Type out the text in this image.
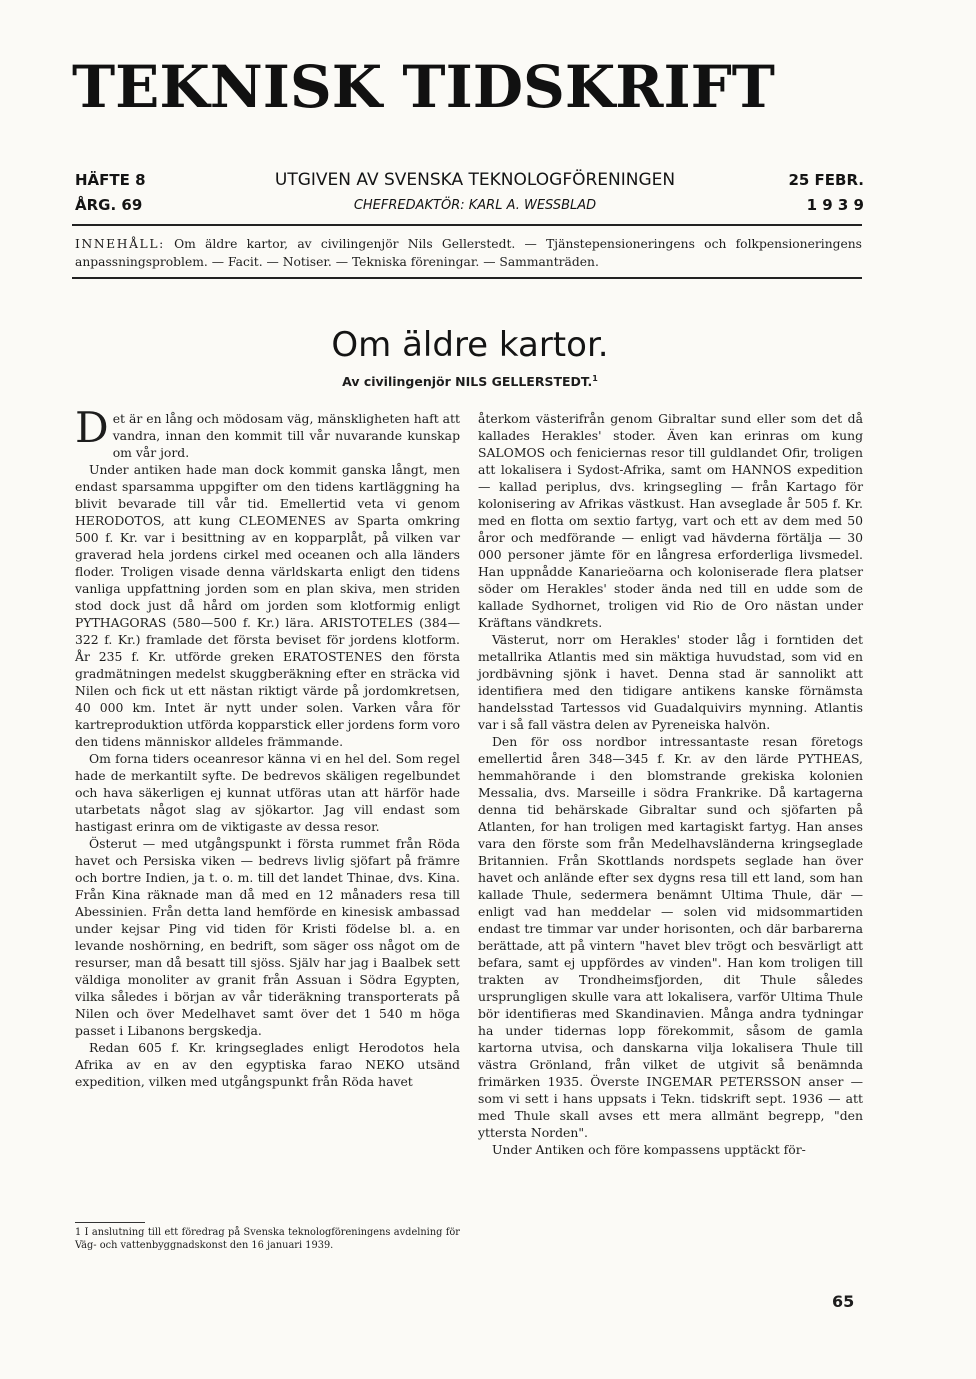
TEKNISK TIDSKRIFT
HÄFTE 8
ÅRG. 69
UTGIVEN AV SVENSKA TEKNOLOGFÖRENINGEN
CHEFREDAKTÖR: KARL A. WESSBLAD
25 FEBR.
1 9 3 9
INNEHÅLL: Om äldre kartor, av civilingenjör Nils Gellerstedt. — Tjänstepensioneringens och folkpensioneringens anpassningsproblem. — Facit. — Notiser. — Tekniska föreningar. — Sammanträden.
Om äldre kartor.
Av civilingenjör NILS GELLERSTEDT.$^1$

Det är en lång och mödosam väg, mänskligheten haft att vandra, innan den kommit till vår nuvarande kunskap om vår jord.

Under antiken hade man dock kommit ganska långt, men endast sparsamma uppgifter om den tidens kartläggning ha blivit bevarade till vår tid. Emellertid veta vi genom HERODOTOS, att kung CLEOMENES av Sparta omkring 500 f. Kr. var i besittning av en kopparplåt, på vilken var graverad hela jordens cirkel med oceanen och alla länders floder. Troligen visade denna världskarta enligt den tidens vanliga uppfattning jorden som en plan skiva, men striden stod dock just då hård om jorden som klotformig enligt PYTHAGORAS (580—500 f. Kr.) lära. ARISTOTELES (384—322 f. Kr.) framlade det första beviset för jordens klotform. År 235 f. Kr. utförde greken ERATOSTENES den första gradmätningen medelst skuggberäkning efter en sträcka vid Nilen och fick ut ett nästan riktigt värde på jordomkretsen, 40 000 km. Intet är nytt under solen. Varken våra för kartreproduktion utförda kopparstick eller jordens form voro den tidens människor alldeles främmande.

Om forna tiders oceanresor känna vi en hel del. Som regel hade de merkantilt syfte. De bedrevos skäligen regelbundet och hava säkerligen ej kunnat utföras utan att härför hade utarbetats något slag av sjökartor. Jag vill endast som hastigast erinra om de viktigaste av dessa resor.

Österut — med utgångspunkt i första rummet från Röda havet och Persiska viken — bedrevs livlig sjöfart på främre och bortre Indien, ja t. o. m. till det landet Thinae, dvs. Kina. Från Kina räknade man då med en 12 månaders resa till Abessinien. Från detta land hemförde en kinesisk ambassad under kejsar Ping vid tiden för Kristi födelse bl. a. en levande noshörning, en bedrift, som säger oss något om de resurser, man då besatt till sjöss. Själv har jag i Baalbek sett väldiga monoliter av granit från Assuan i Södra Egypten, vilka således i början av vår tideräkning transporterats på Nilen och över Medelhavet samt över det 1 540 m höga passet i Libanons bergskedja.

Redan 605 f. Kr. kringseglades enligt Herodotos hela Afrika av en av den egyptiska farao NEKO utsänd expedition, vilken med utgångspunkt från Röda havet

återkom västerifrån genom Gibraltar sund eller som det då kallades Herakles' stoder. Även kan erinras om kung SALOMOS och feniciernas resor till guldlandet Ofir, troligen att lokalisera i Sydost-Afrika, samt om HANNOS expedition — kallad periplus, dvs. kringsegling — från Kartago för kolonisering av Afrikas västkust. Han avseglade år 505 f. Kr. med en flotta om sextio fartyg, vart och ett av dem med 50 åror och medförande — enligt vad hävderna förtälja — 30 000 personer jämte för en långresa erforderliga livsmedel. Han uppnådde Kanarieöarna och koloniserade flera platser söder om Herakles' stoder ända ned till en udde som de kallade Sydhornet, troligen vid Rio de Oro nästan under Kräftans vändkrets.

Västerut, norr om Herakles' stoder låg i forntiden det metallrika Atlantis med sin mäktiga huvudstad, som vid en jordbävning sjönk i havet. Denna stad är sannolikt att identifiera med den tidigare antikens kanske förnämsta handelsstad Tartessos vid Guadalquivirs mynning. Atlantis var i så fall västra delen av Pyreneiska halvön.

Den för oss nordbor intressantaste resan företogs emellertid åren 348—345 f. Kr. av den lärde PYTHEAS, hemmahörande i den blomstrande grekiska kolonien Messalia, dvs. Marseille i södra Frankrike. Då kartagerna denna tid behärskade Gibraltar sund och sjöfarten på Atlanten, for han troligen med kartagiskt fartyg. Han anses vara den förste som från Medelhavsländerna kringseglade Britannien. Från Skottlands nordspets seglade han över havet och anlände efter sex dygns resa till ett land, som han kallade Thule, sedermera benämnt Ultima Thule, där — enligt vad han meddelar — solen vid midsommartiden endast tre timmar var under horisonten, och där barbarerna berättade, att på vintern "havet blev trögt och besvärligt att befara, samt ej uppfördes av vinden". Han kom troligen till trakten av Trondheimsfjorden, dit Thule således ursprungligen skulle vara att lokalisera, varför Ultima Thule bör identifieras med Skandinavien. Många andra tydningar ha under tidernas lopp förekommit, såsom de gamla kartorna utvisa, och danskarna vilja lokalisera Thule till västra Grönland, från vilket de utgivit så benämnda frimärken 1935. Överste INGEMAR PETERSSON anser — som vi sett i hans uppsats i Tekn. tidskrift sept. 1936 — att med Thule skall avses ett mera allmänt begrepp, "den yttersta Norden".

Under Antiken och före kompassens upptäckt för-

1 I anslutning till ett föredrag på Svenska teknologföreningens avdelning för Väg- och vattenbyggnadskonst den 16 januari 1939.
65
